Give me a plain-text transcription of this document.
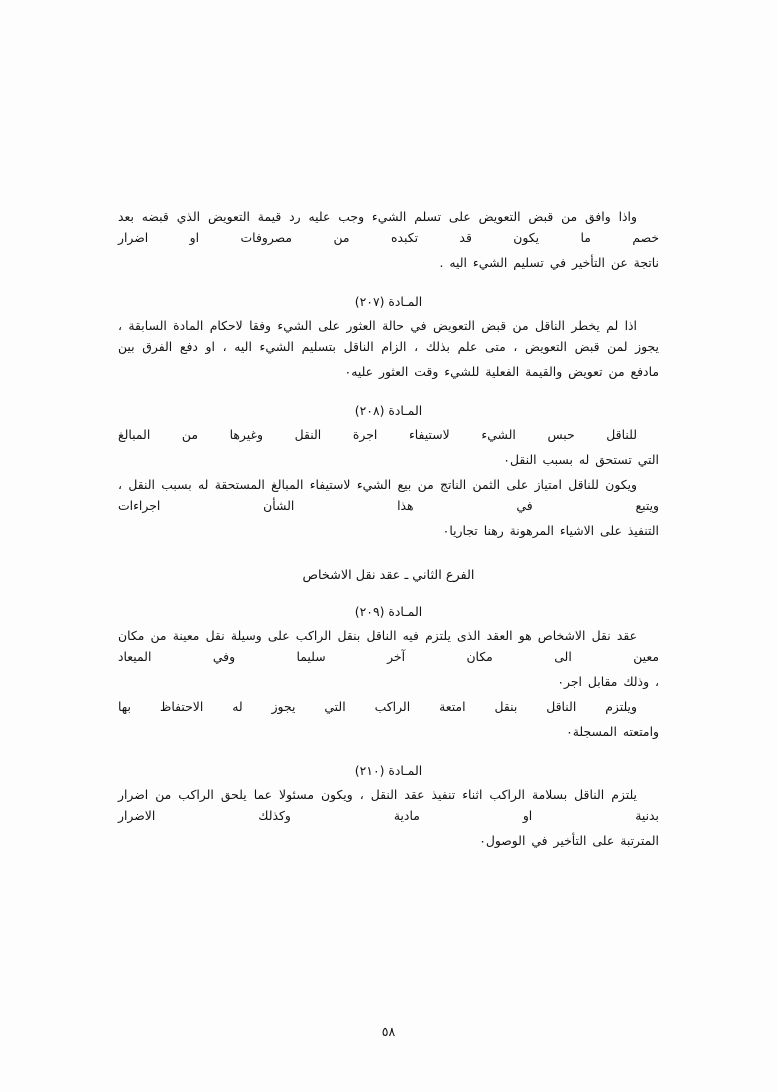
واذا وافق من قبض التعويض على تسلم الشيء وجب عليه رد قيمة التعويض الذي قبضه بعد خصم ما يكون قد تكبده من مصروفات او اضرار

ناتجة عن التأخير في تسليم الشيء اليه .

المـادة (٢٠٧)

اذا لم يخطر الناقل من قبض التعويض في حالة العثور على الشيء وفقا لاحكام المادة السابقة ، يجوز لمن قبض التعويض ، متى علم بذلك ، الزام الناقل بتسليم الشيء اليه ، او دفع الفرق بين

مادفع من تعويض والقيمة الفعلية للشيء وقت العثور عليه٠

المـادة (٢٠٨)

للناقل حبس الشيء لاستيفاء اجرة النقل وغيرها من المبالغ

التي تستحق له بسبب النقل٠

ويكون للناقل امتياز على الثمن الناتج من بيع الشيء لاستيفاء المبالغ المستحقة له بسبب النقل ، ويتبع في هذا الشأن اجراءات

التنفيذ على الاشياء المرهونة رهنا تجاريا٠

الفرع الثاني ـ عقد نقل الاشخاص

المـادة (٢٠٩)

عقد نقل الاشخاص هو العقد الذى يلتزم فيه الناقل بنقل الراكب على وسيلة نقل معينة من مكان معين الى مكان آخر سليما وفي الميعاد

، وذلك مقابل اجر٠

ويلتزم الناقل بنقل امتعة الراكب التي يجوز له الاحتفاظ بها

وامتعته المسجلة٠

المـادة (٢١٠)

يلتزم الناقل بسلامة الراكب اثناء تنفيذ عقد النقل ، ويكون مسئولا عما يلحق الراكب من اضرار بدنية او مادية وكذلك الاضرار

المترتبة على التأخير في الوصول٠

٥٨
